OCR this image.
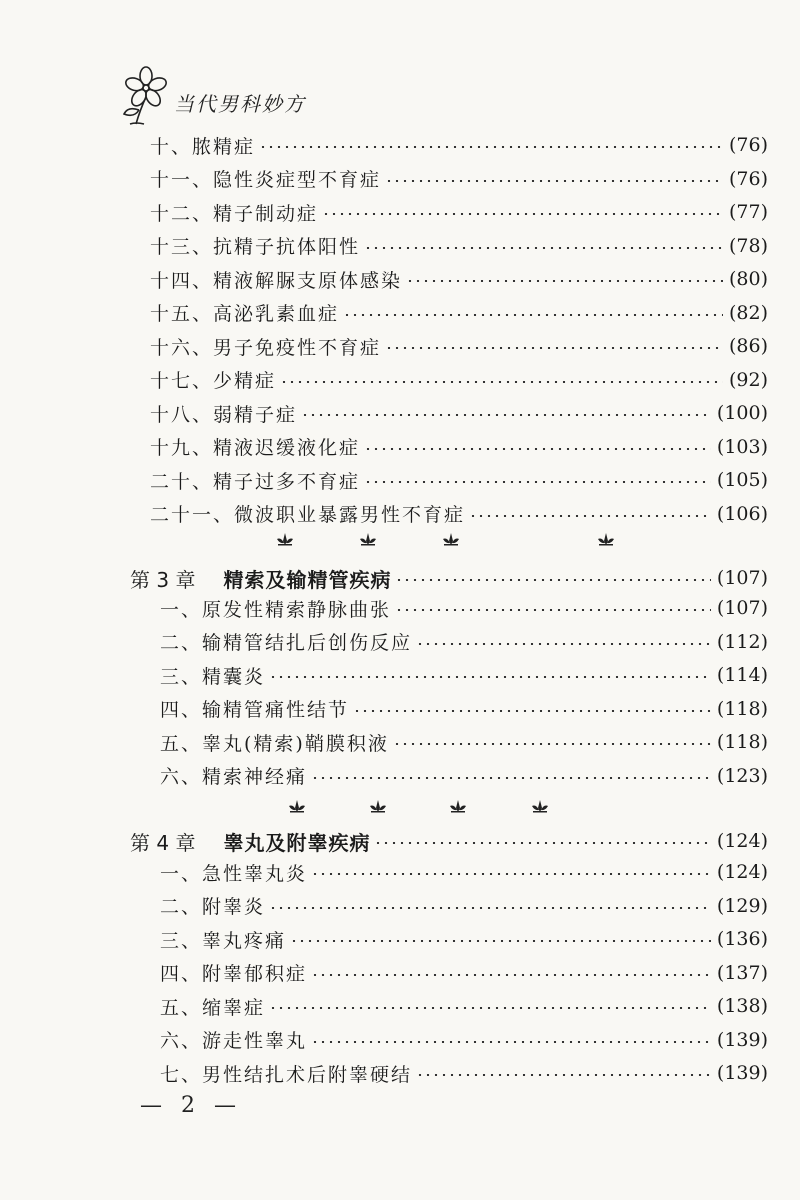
当代男科妙方
十、脓精症	(76)
十一、隐性炎症型不育症	(76)
十二、精子制动症	(77)
十三、抗精子抗体阳性	(78)
十四、精液解脲支原体感染	(80)
十五、高泌乳素血症	(82)
十六、男子免疫性不育症	(86)
十七、少精症	(92)
十八、弱精子症	(100)
十九、精液迟缓液化症	(103)
二十、精子过多不育症	(105)
二十一、微波职业暴露男性不育症	(106)
第 3 章 精索及输精管疾病	(107)
一、原发性精索静脉曲张	(107)
二、输精管结扎后创伤反应	(112)
三、精囊炎	(114)
四、输精管痛性结节	(118)
五、睾丸(精索)鞘膜积液	(118)
六、精索神经痛	(123)
第 4 章 睾丸及附睾疾病	(124)
一、急性睾丸炎	(124)
二、附睾炎	(129)
三、睾丸疼痛	(136)
四、附睾郁积症	(137)
五、缩睾症	(138)
六、游走性睾丸	(139)
七、男性结扎术后附睾硬结	(139)
— 2 —
